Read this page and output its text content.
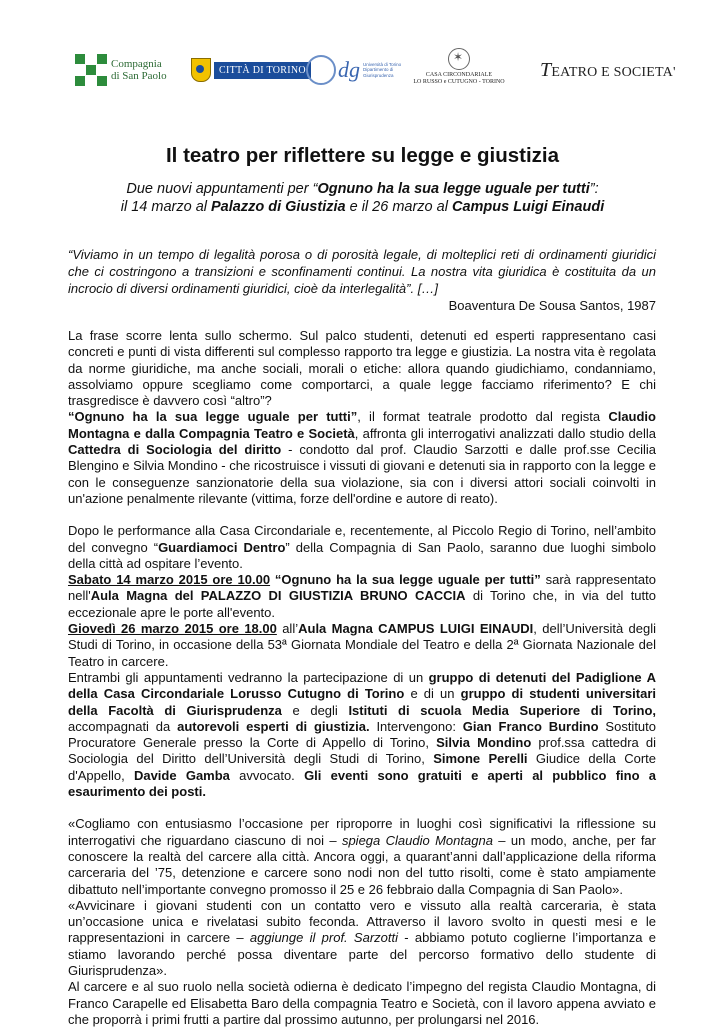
Compagnia
di San Paolo	CITTÀ DI TORINO dg Università di Torino Dipartimento di Giurisprudenza
✶	CASA CIRCONDARIALE
LO RUSSO e CUTUGNO - TORINO
TEATRO E SOCIETA'
Il teatro per riflettere su legge e giustizia
Due nuovi appuntamenti per “Ognuno ha la sua legge uguale per tutti”:
il 14 marzo al Palazzo di Giustizia e il 26 marzo al Campus Luigi Einaudi

“Viviamo in un tempo di legalità porosa o di porosità legale, di molteplici reti di ordinamenti giuridici che ci costringono a transizioni e sconfinamenti continui. La nostra vita giuridica è costituita da un incrocio di diversi ordinamenti giuridici, cioè da interlegalità”. […]

Boaventura De Sousa Santos, 1987

La frase scorre lenta sullo schermo. Sul palco studenti, detenuti ed esperti rappresentano casi concreti e punti di vista differenti sul complesso rapporto tra legge e giustizia. La nostra vita è regolata da norme giuridiche, ma anche sociali, morali o etiche: allora quando giudichiamo, condanniamo, assolviamo oppure scegliamo come comportarci, a quale legge facciamo riferimento? E chi trasgredisce è davvero così “altro”?

“Ognuno ha la sua legge uguale per tutti”, il format teatrale prodotto dal regista Claudio Montagna e dalla Compagnia Teatro e Società, affronta gli interrogativi analizzati dallo studio della Cattedra di Sociologia del diritto - condotto dal prof. Claudio Sarzotti e dalle prof.sse Cecilia Blengino e Silvia Mondino - che ricostruisce i vissuti di giovani e detenuti sia in rapporto con la legge e con le conseguenze sanzionatorie della sua violazione, sia con i diversi attori sociali coinvolti in un'azione penalmente rilevante (vittima, forze dell'ordine e autore di reato).

Dopo le performance alla Casa Circondariale e, recentemente, al Piccolo Regio di Torino, nell’ambito del convegno “Guardiamoci Dentro” della Compagnia di San Paolo, saranno due luoghi simbolo della città ad ospitare l’evento.

Sabato 14 marzo 2015 ore 10.00 “Ognuno ha la sua legge uguale per tutti” sarà rappresentato nell'Aula Magna del PALAZZO DI GIUSTIZIA BRUNO CACCIA di Torino che, in via del tutto eccezionale apre le porte all'evento.

Giovedì 26 marzo 2015 ore 18.00 all’Aula Magna CAMPUS LUIGI EINAUDI, dell’Università degli Studi di Torino, in occasione della 53ª Giornata Mondiale del Teatro e della 2ª Giornata Nazionale del Teatro in carcere.

Entrambi gli appuntamenti vedranno la partecipazione di un gruppo di detenuti del Padiglione A della Casa Circondariale Lorusso Cutugno di Torino e di un gruppo di studenti universitari della Facoltà di Giurisprudenza e degli Istituti di scuola Media Superiore di Torino, accompagnati da autorevoli esperti di giustizia. Intervengono: Gian Franco Burdino Sostituto Procuratore Generale presso la Corte di Appello di Torino, Silvia Mondino prof.ssa cattedra di Sociologia del Diritto dell’Università degli Studi di Torino, Simone Perelli Giudice della Corte d'Appello, Davide Gamba avvocato. Gli eventi sono gratuiti e aperti al pubblico fino a esaurimento dei posti.

«Cogliamo con entusiasmo l’occasione per riproporre in luoghi così significativi la riflessione su interrogativi che riguardano ciascuno di noi – spiega Claudio Montagna – un modo, anche, per far conoscere la realtà del carcere alla città. Ancora oggi, a quarant’anni dall’applicazione della riforma carceraria del ’75, detenzione e carcere sono nodi non del tutto risolti, come è stato ampiamente dibattuto nell’importante convegno promosso il 25 e 26 febbraio dalla Compagnia di San Paolo».

«Avvicinare i giovani studenti con un contatto vero e vissuto alla realtà carceraria, è stata un’occasione unica e rivelatasi subito feconda. Attraverso il lavoro svolto in questi mesi e le rappresentazioni in carcere – aggiunge il prof. Sarzotti - abbiamo potuto coglierne l’importanza e stiamo lavorando perché possa diventare parte del percorso formativo dello studente di Giurisprudenza».

Al carcere e al suo ruolo nella società odierna è dedicato l’impegno del regista Claudio Montagna, di Franco Carapelle ed Elisabetta Baro della compagnia Teatro e Società, con il lavoro appena avviato e che proporrà i primi frutti a partire dal prossimo autunno, per prolungarsi nel 2016.
